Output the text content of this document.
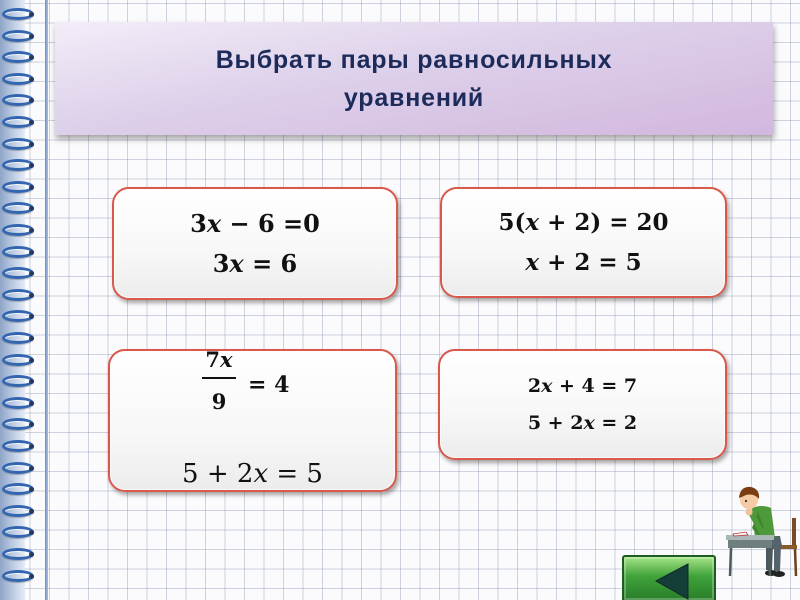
Выбрать пары равносильных
уравнений
3x − 6 =0
3x = 6
5(x + 2) = 20
x + 2 = 5
7x
9
= 4
5 + 2x = 5
2x + 4 = 7
5 + 2x = 2
